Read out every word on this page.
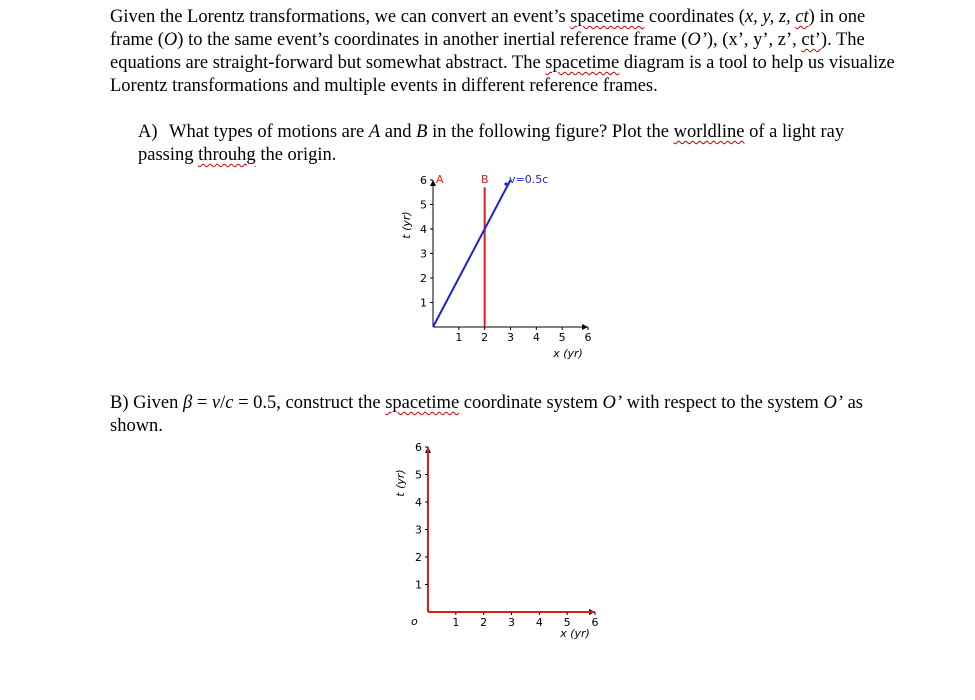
Given the Lorentz transformations, we can convert an event’s spacetime coordinates (x, y, z, ct) in one frame (O) to the same event’s coordinates in another inertial reference frame (O’), (x’, y’, z’, ct’). The equations are straight-forward but somewhat abstract. The spacetime diagram is a tool to help us visualize Lorentz transformations and multiple events in different reference frames.

A) What types of motions are A and B in the following figure? Plot the worldline of a light ray passing throuhg the origin.

t (yr)
x (yr)
1 2 3 4 5 6
1
2
3
4
5
6 A	B v=0.5c

B) Given β = v/c = 0.5, construct the spacetime coordinate system O’ with respect to the system O’ as shown.

t (yr)
x (yr)
o	1 2 3 4 5 6
1
2
3
4
5
6
